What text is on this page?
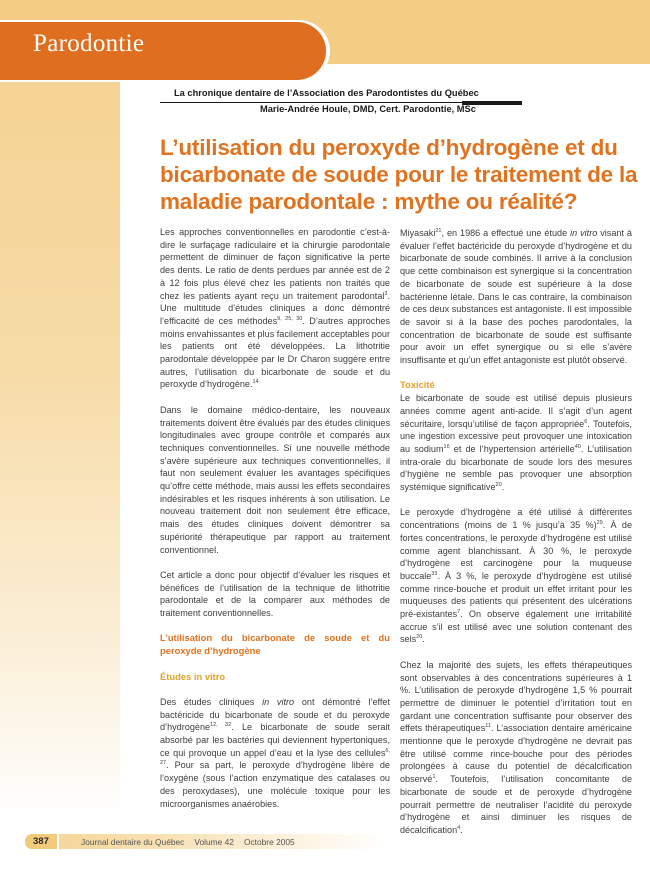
Parodontie
La chronique dentaire de l’Association des Parodontistes du Québec
Marie-Andrée Houle, DMD, Cert. Parodontie, MSc
L’utilisation du peroxyde d’hydrogène et du bicarbonate de soude pour le traitement de la maladie parodontale : mythe ou réalité?

Les approches conventionnelles en parodontie c’est-à-dire le surfaçage radiculaire et la chirurgie parodontale permettent de diminuer de façon significative la perte des dents. Le ratio de dents perdues par année est de 2 à 12 fois plus élevé chez les patients non traités que chez les patients ayant reçu un traitement parodontal$^3$. Une multitude d’études cliniques a donc démontré l’efficacité de ces méthodes$^{9, 25, 30}$. D’autres approches moins envahissantes et plus facilement acceptables pour les patients ont été développées. La lithotritie parodontale développée par le Dr Charon suggère entre autres, l’utilisation du bicarbonate de soude et du peroxyde d’hydrogène.$^{14}$

Dans le domaine médico-dentaire, les nouveaux traitements doivent être évalués par des études cliniques longitudinales avec groupe contrôle et comparés aux techniques conventionnelles. Si une nouvelle méthode s’avère supérieure aux techniques conventionnelles, il faut non seulement évaluer les avantages spécifiques qu’offre cette méthode, mais aussi les effets secondaires indésirables et les risques inhérents à son utilisation. Le nouveau traitement doit non seulement être efficace, mais des études cliniques doivent démontrer sa supériorité thérapeutique par rapport au traitement conventionnel.

Cet article a donc pour objectif d’évaluer les risques et bénéfices de l’utilisation de la technique de lithotritie parodontale et de la comparer aux méthodes de traitement conventionnelles.

L’utilisation du bicarbonate de soude et du peroxyde d’hydrogène
Études in vitro

Des études cliniques in vitro ont démontré l’effet bactéricide du bicarbonate de soude et du peroxyde d’hydrogène$^{12, 32}$. Le bicarbonate de soude serait absorbé par les bactéries qui deviennent hypertoniques, ce qui provoque un appel d’eau et la lyse des cellules$^{6, 27}$. Pour sa part, le peroxyde d’hydrogène libère de l’oxygène (sous l’action enzymatique des catalases ou des peroxydases), une molécule toxique pour les microorganismes anaérobies.

Miyasaki$^{21}$, en 1986 a effectué une étude in vitro visant à évaluer l’effet bactéricide du peroxyde d’hydrogène et du bicarbonate de soude combinés. Il arrive à la conclusion que cette combinaison est synergique si la concentration de bicarbonate de soude est supérieure à la dose bactérienne létale. Dans le cas contraire, la combinaison de ces deux substances est antagoniste. Il est impossible de savoir si à la base des poches parodontales, la concentration de bicarbonate de soude est suffisante pour avoir un effet synergique ou si elle s’avère insuffisante et qu’un effet antagoniste est plutôt observé.

Toxicité

Le bicarbonate de soude est utilisé depuis plusieurs années comme agent anti-acide. Il s’agit d’un agent sécuritaire, lorsqu’utilisé de façon appropriée$^6$. Toutefois, une ingestion excessive peut provoquer une intoxication au sodium$^{16}$ et de l’hypertension artérielle$^{40}$. L’utilisation intra-orale du bicarbonate de soude lors des mesures d’hygiène ne semble pas provoquer une absorption systémique significative$^{20}$.

Le peroxyde d’hydrogène a été utilisé à différentes concentrations (moins de 1 % jusqu’à 35 %)$^{29}$. À de fortes concentrations, le peroxyde d’hydrogène est utilisé comme agent blanchissant. À 30 %, le peroxyde d’hydrogène est carcinogène pour la muqueuse buccale$^{33}$. À 3 %, le peroxyde d’hydrogène est utilisé comme rince-bouche et produit un effet irritant pour les muqueuses des patients qui présentent des ulcérations pré-existantes$^7$. On observe également une irritabilité accrue s’il est utilisé avec une solution contenant des sels$^{20}$.

Chez la majorité des sujets, les effets thérapeutiques sont observables à des concentrations supérieures à 1 %. L’utilisation de peroxyde d’hydrogène 1,5 % pourrait permettre de diminuer le potentiel d’irritation tout en gardant une concentration suffisante pour observer des effets thérapeutiques$^{11}$. L’association dentaire américaine mentionne que le peroxyde d’hydrogène ne devrait pas être utilisé comme rince-bouche pour des périodes prolongées à cause du potentiel de décalcification observé$^1$. Toutefois, l’utilisation concomitante de bicarbonate de soude et de peroxyde d’hydrogène pourrait permettre de neutraliser l’acidité du peroxyde d’hydrogène et ainsi diminuer les risques de décalcification$^4$.

387	Journal dentaire du Québec Volume 42 Octobre 2005
